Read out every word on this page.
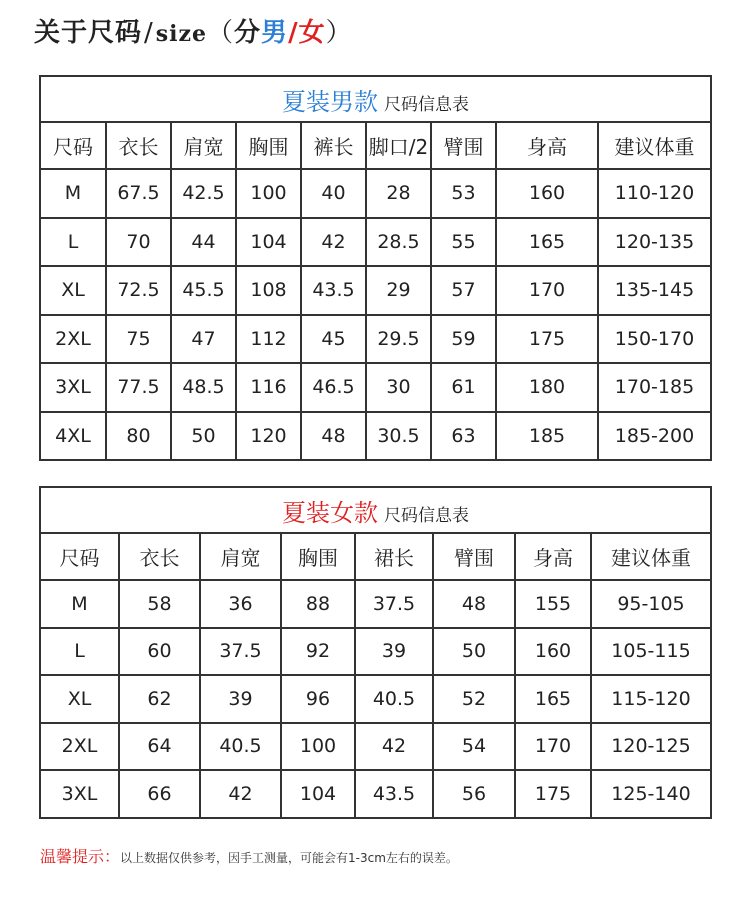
关于尺码/size（分男/女）
夏装男款 尺码信息表								
尺码	衣长	肩宽	胸围	裤长	脚口/2	臂围	身高	建议体重
M	67.5	42.5	100	40	28	53	160	110-120
L	70	44	104	42	28.5	55	165	120-135
XL	72.5	45.5	108	43.5	29	57	170	135-145
2XL	75	47	112	45	29.5	59	175	150-170
3XL	77.5	48.5	116	46.5	30	61	180	170-185
4XL	80	50	120	48	30.5	63	185	185-200
夏装女款 尺码信息表							
尺码	衣长	肩宽	胸围	裙长	臂围	身高	建议体重
M	58	36	88	37.5	48	155	95-105
L	60	37.5	92	39	50	160	105-115
XL	62	39	96	40.5	52	165	115-120
2XL	64	40.5	100	42	54	170	120-125
3XL	66	42	104	43.5	56	175	125-140
温馨提示：以上数据仅供参考，因手工测量，可能会有1-3cm左右的误差。
